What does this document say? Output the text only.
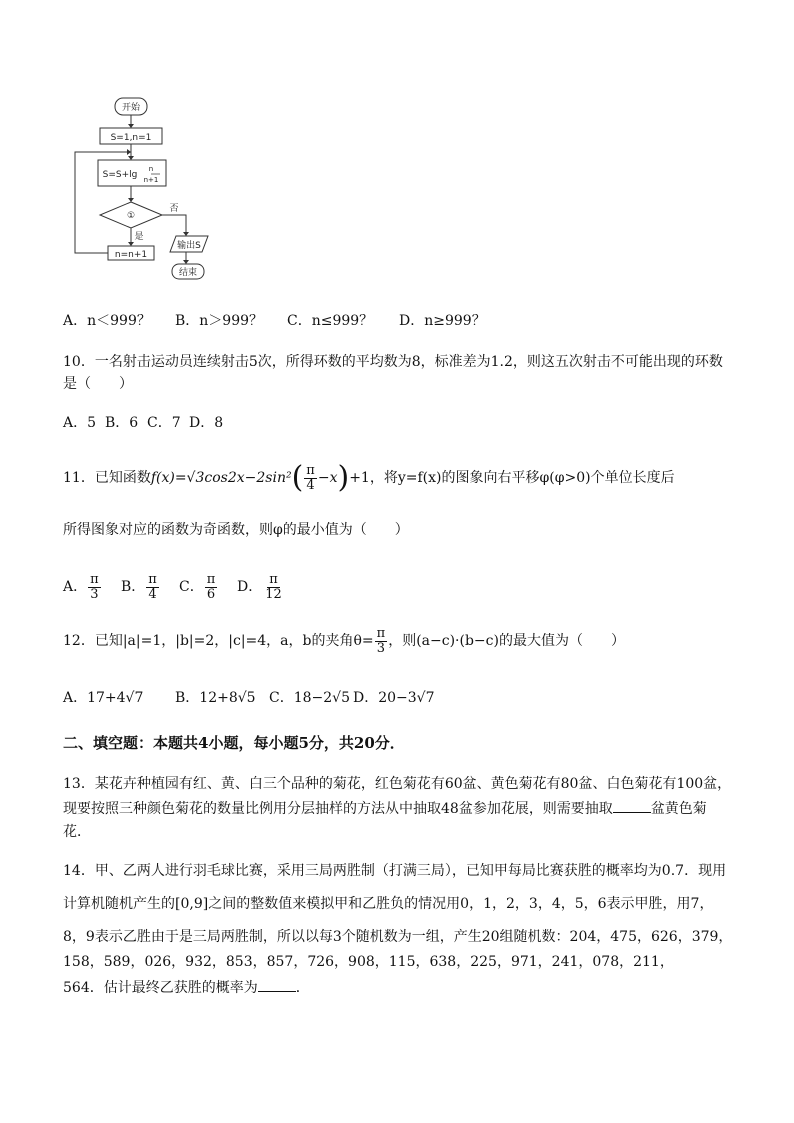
开始
S=1,n=1
S=S+lg
n
n+1
①
否
是
n=n+1
输出S
结束
A．n＜999？ B．n＞999？ C．n≤999？ D．n≥999？
10．一名射击运动员连续射击5次，所得环数的平均数为8，标准差为1.2，则这五次射击不可能出现的环数
是（　　）
A．5 B．6 C．7 D．8
11．已知函数$f(x)=√3\cos 2x-2\sin^2( \frac{\pi}{4} -x)+1$，将y=f(x)的图象向右平移φ(φ>0)个单位长度后
所得图象对应的函数为奇函数，则φ的最小值为（　　）
A． $\frac{\pi}{3}$ B． $\frac{\pi}{4}$ C． $\frac{\pi}{6}$ D． $\frac{\pi}{12}$
12．已知|a|=1，|b|=2，|c|=4，a，b的夹角$\theta= \frac{\pi}{3}$ ，则(a−c)·(b−c)的最大值为（　　）
A．17+4√7 B．12+8√5 C．18−2√5 D．20−3√7
二、填空题：本题共4小题，每小题5分，共20分．
13．某花卉种植园有红、黄、白三个品种的菊花，红色菊花有60盆、黄色菊花有80盆、白色菊花有100盆，
现要按照三种颜色菊花的数量比例用分层抽样的方法从中抽取48盆参加花展，则需要抽取	盆黄色菊
花．
14．甲、乙两人进行羽毛球比赛，采用三局两胜制（打满三局），已知甲每局比赛获胜的概率均为0.7．现用
计算机随机产生的[0,9]之间的整数值来模拟甲和乙胜负的情况用0，1，2，3，4，5，6表示甲胜，用7，
8，9表示乙胜由于是三局两胜制，所以以每3个随机数为一组，产生20组随机数：204，475，626，379，
158，589，026，932，853，857，726，908，115，638，225，971，241，078，211，
564．估计最终乙获胜的概率为	．
